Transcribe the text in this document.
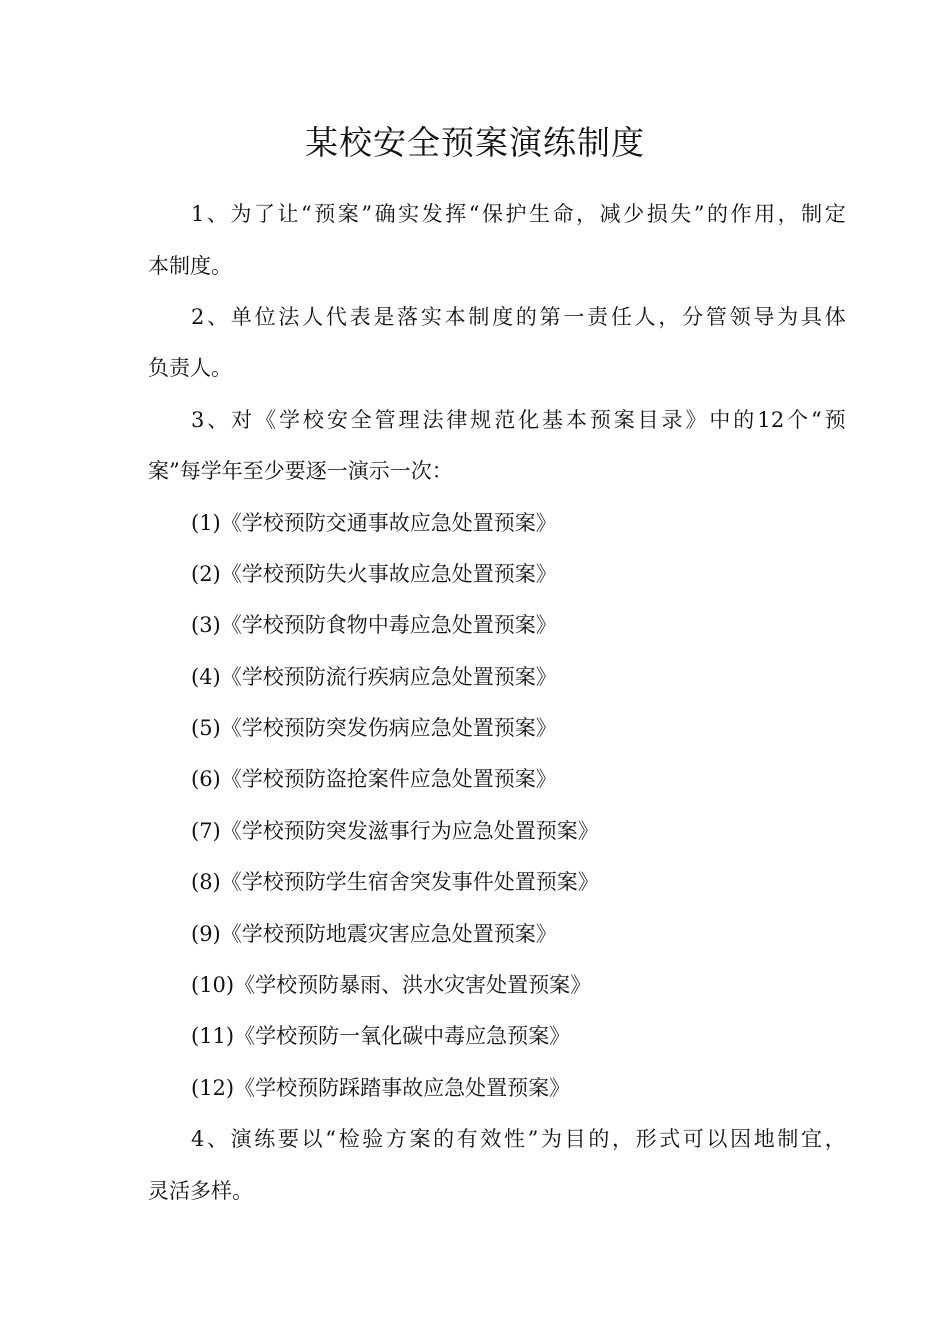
某校安全预案演练制度
1、为了让“预案”确实发挥“保护生命，减少损失”的作用，制定
本制度。
2、单位法人代表是落实本制度的第一责任人，分管领导为具体
负责人。
3、对《学校安全管理法律规范化基本预案目录》中的12个“预
案”每学年至少要逐一演示一次：
(1)《学校预防交通事故应急处置预案》
(2)《学校预防失火事故应急处置预案》
(3)《学校预防食物中毒应急处置预案》
(4)《学校预防流行疾病应急处置预案》
(5)《学校预防突发伤病应急处置预案》
(6)《学校预防盗抢案件应急处置预案》
(7)《学校预防突发滋事行为应急处置预案》
(8)《学校预防学生宿舍突发事件处置预案》
(9)《学校预防地震灾害应急处置预案》
(10)《学校预防暴雨、洪水灾害处置预案》
(11)《学校预防一氧化碳中毒应急预案》
(12)《学校预防踩踏事故应急处置预案》
4、演练要以“检验方案的有效性”为目的，形式可以因地制宜，
灵活多样。
